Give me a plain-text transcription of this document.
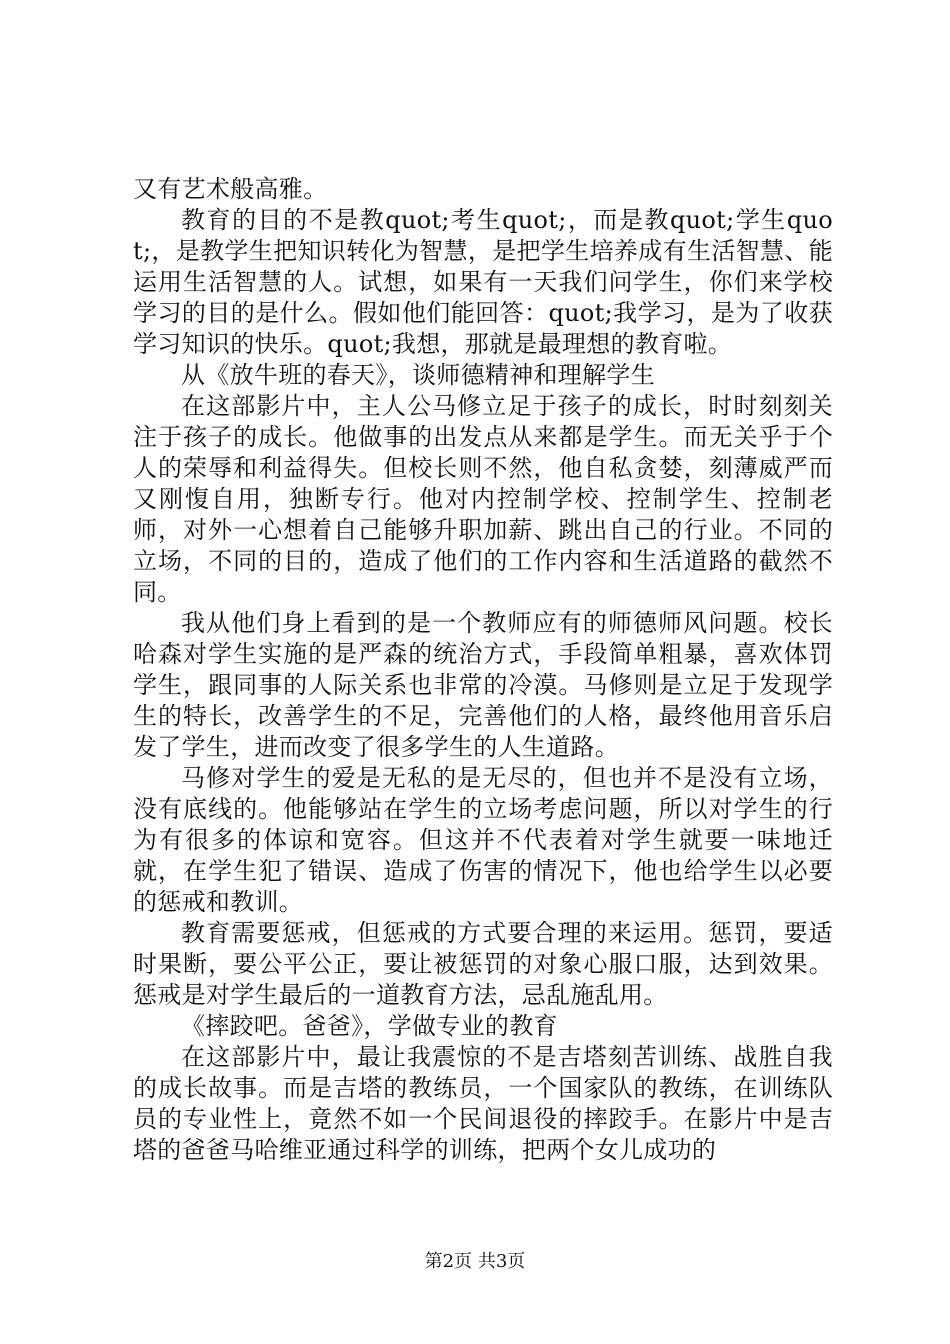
又有艺术般高雅。

教育的目的不是教quot;考生quot;，而是教quot;学生quot;，是教学生把知识转化为智慧，是把学生培养成有生活智慧、能运用生活智慧的人。试想，如果有一天我们问学生，你们来学校学习的目的是什么。假如他们能回答：quot;我学习，是为了收获学习知识的快乐。quot;我想，那就是最理想的教育啦。

从《放牛班的春天》，谈师德精神和理解学生

在这部影片中，主人公马修立足于孩子的成长，时时刻刻关注于孩子的成长。他做事的出发点从来都是学生。而无关乎于个人的荣辱和利益得失。但校长则不然，他自私贪婪，刻薄威严而又刚愎自用，独断专行。他对内控制学校、控制学生、控制老师，对外一心想着自己能够升职加薪、跳出自己的行业。不同的立场，不同的目的，造成了他们的工作内容和生活道路的截然不同。

我从他们身上看到的是一个教师应有的师德师风问题。校长哈森对学生实施的是严森的统治方式，手段简单粗暴，喜欢体罚学生，跟同事的人际关系也非常的冷漠。马修则是立足于发现学生的特长，改善学生的不足，完善他们的人格，最终他用音乐启发了学生，进而改变了很多学生的人生道路。

马修对学生的爱是无私的是无尽的，但也并不是没有立场，没有底线的。他能够站在学生的立场考虑问题，所以对学生的行为有很多的体谅和宽容。但这并不代表着对学生就要一味地迁就，在学生犯了错误、造成了伤害的情况下，他也给学生以必要的惩戒和教训。

教育需要惩戒，但惩戒的方式要合理的来运用。惩罚，要适时果断，要公平公正，要让被惩罚的对象心服口服，达到效果。惩戒是对学生最后的一道教育方法，忌乱施乱用。

《摔跤吧。爸爸》，学做专业的教育

在这部影片中，最让我震惊的不是吉塔刻苦训练、战胜自我的成长故事。而是吉塔的教练员，一个国家队的教练，在训练队员的专业性上，竟然不如一个民间退役的摔跤手。在影片中是吉塔的爸爸马哈维亚通过科学的训练，把两个女儿成功的

第2页 共3页
